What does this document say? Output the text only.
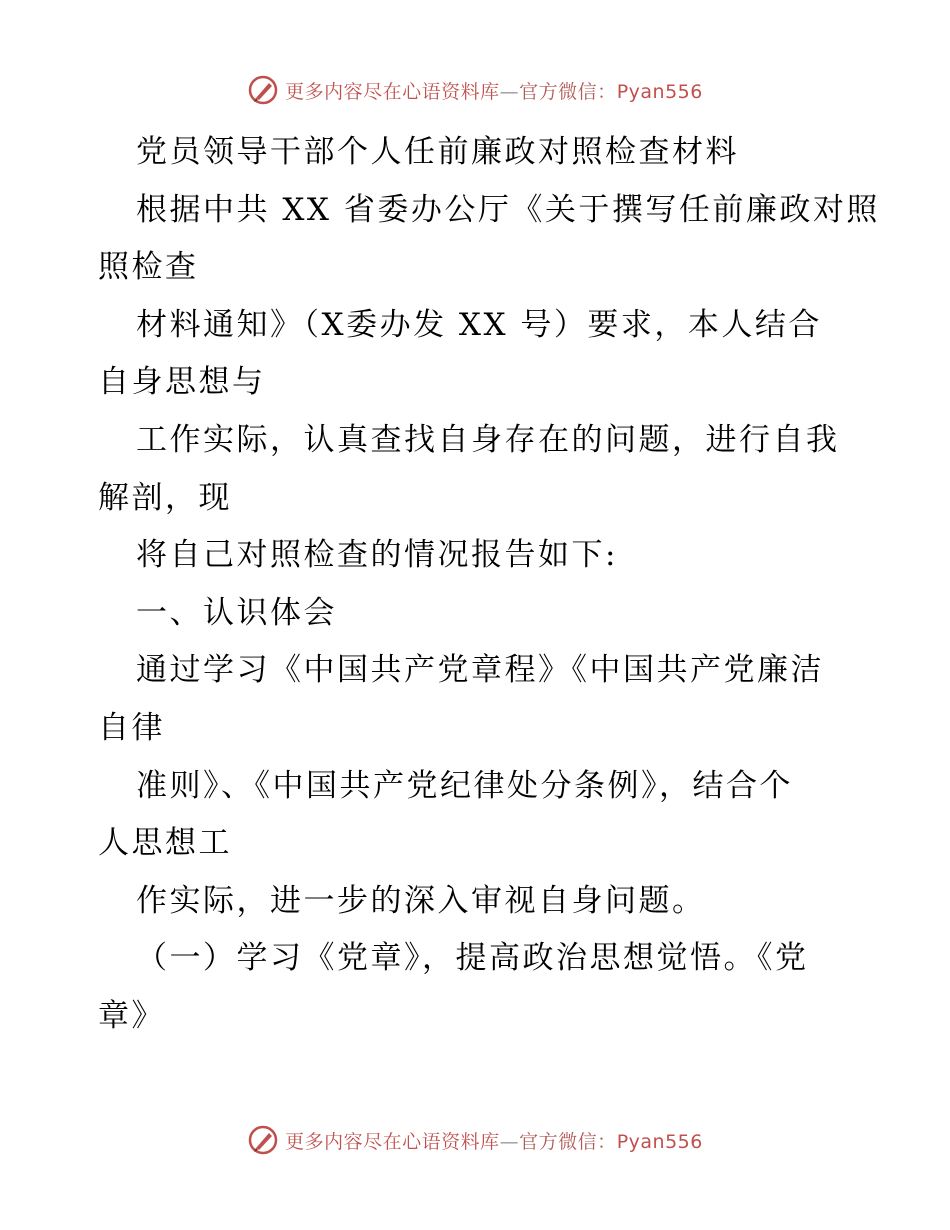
更多内容尽在心语资料库—官方微信：Pyan556
党员领导干部个人任前廉政对照检查材料
根据中共 XX 省委办公厅《关于撰写任前廉政对照
照检查
材料通知》（X委办发 XX 号）要求，本人结合
自身思想与
工作实际，认真查找自身存在的问题，进行自我
解剖，现
将自己对照检查的情况报告如下:
一、认识体会
通过学习《中国共产党章程》《中国共产党廉洁
自律
准则》、《中国共产党纪律处分条例》，结合个
人思想工
作实际，进一步的深入审视自身问题。
（一）学习《党章》，提高政治思想觉悟。《党
章》
更多内容尽在心语资料库—官方微信：Pyan556
